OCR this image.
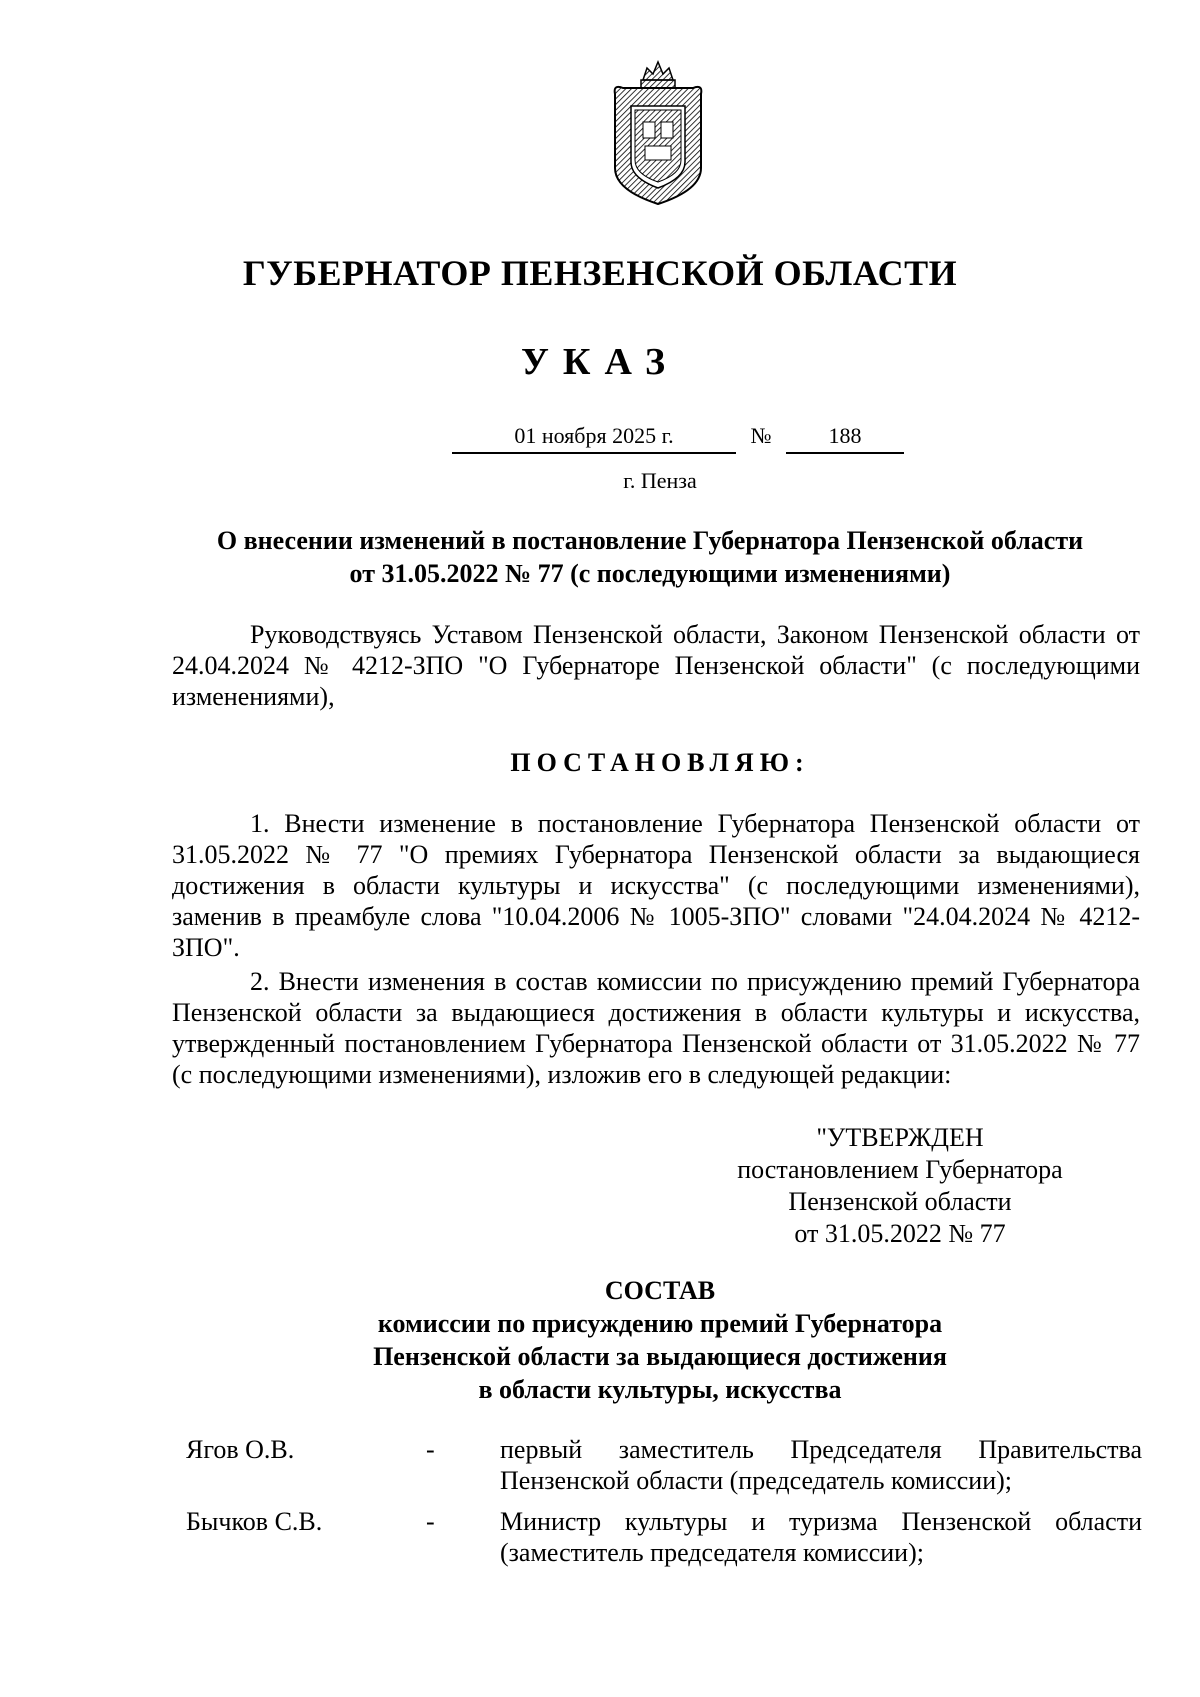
ГУБЕРНАТОР ПЕНЗЕНСКОЙ ОБЛАСТИ
УКАЗ
01 ноября 2025 г.	№	188
г. Пенза
О внесении изменений в постановление Губернатора Пензенской области
от 31.05.2022 № 77 (с последующими изменениями)
Руководствуясь Уставом Пензенской области, Законом Пензенской области от 24.04.2024 № 4212-ЗПО "О Губернаторе Пензенской области" (с последующими изменениями),
ПОСТАНОВЛЯЮ:
1. Внести изменение в постановление Губернатора Пензенской области от 31.05.2022 № 77 "О премиях Губернатора Пензенской области за выдающиеся достижения в области культуры и искусства" (с последующими изменениями), заменив в преамбуле слова "10.04.2006 № 1005-ЗПО" словами "24.04.2024 № 4212-ЗПО".
2. Внести изменения в состав комиссии по присуждению премий Губернатора Пензенской области за выдающиеся достижения в области культуры и искусства, утвержденный постановлением Губернатора Пензенской области от 31.05.2022 № 77 (с последующими изменениями), изложив его в следующей редакции:
"УТВЕРЖДЕН
постановлением Губернатора
Пензенской области
от 31.05.2022 № 77
СОСТАВ
комиссии по присуждению премий Губернатора
Пензенской области за выдающиеся достижения
в области культуры, искусства
Ягов О.В.	-	первый заместитель Председателя Правительства Пензенской области (председатель комиссии);
Бычков С.В.	-	Министр культуры и туризма Пензенской области (заместитель председателя комиссии);
